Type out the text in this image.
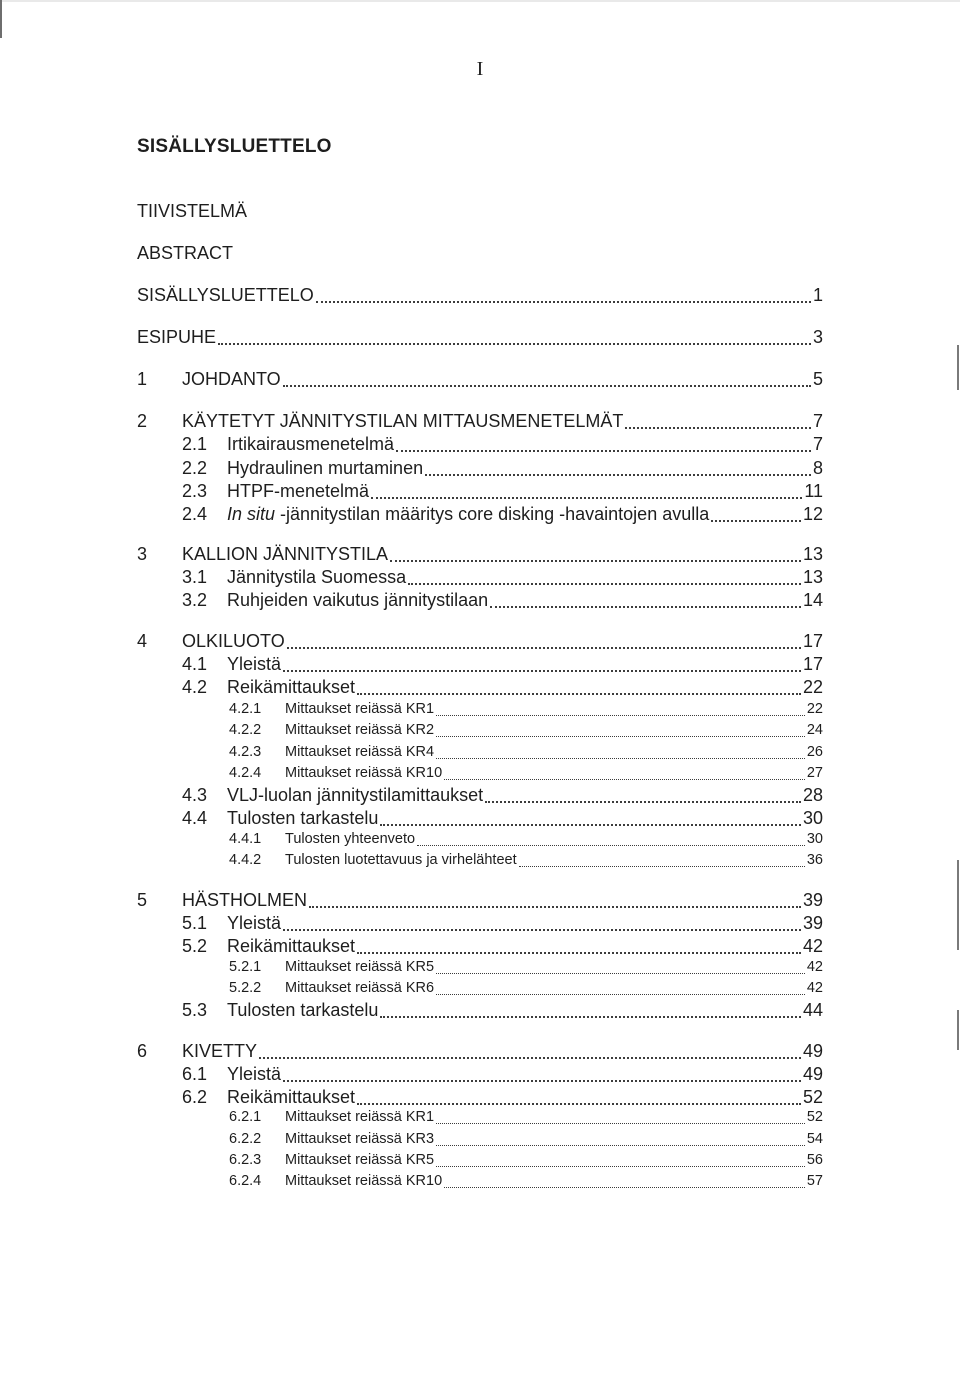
I
SISÄLLYSLUETTELO
TIIVISTELMÄ
ABSTRACT
SISÄLLYSLUETTELO	1
ESIPUHE	3
1	JOHDANTO	5
2	KÄYTETYT JÄNNITYSTILAN MITTAUSMENETELMÄT	7
2.1	Irtikairausmenetelmä	7
2.2	Hydraulinen murtaminen	8
2.3	HTPF-menetelmä	11
2.4	In situ -jännitystilan määritys core disking -havaintojen avulla	12
3	KALLION JÄNNITYSTILA	13
3.1	Jännitystila Suomessa	13
3.2	Ruhjeiden vaikutus jännitystilaan	14
4	OLKILUOTO	17
4.1	Yleistä	17
4.2	Reikämittaukset	22
4.2.1	Mittaukset reiässä KR1	22
4.2.2	Mittaukset reiässä KR2	24
4.2.3	Mittaukset reiässä KR4	26
4.2.4	Mittaukset reiässä KR10	27
4.3	VLJ-luolan jännitystilamittaukset	28
4.4	Tulosten tarkastelu	30
4.4.1	Tulosten yhteenveto	30
4.4.2	Tulosten luotettavuus ja virhelähteet	36
5	HÄSTHOLMEN	39
5.1	Yleistä	39
5.2	Reikämittaukset	42
5.2.1	Mittaukset reiässä KR5	42
5.2.2	Mittaukset reiässä KR6	42
5.3	Tulosten tarkastelu	44
6	KIVETTY	49
6.1	Yleistä	49
6.2	Reikämittaukset	52
6.2.1	Mittaukset reiässä KR1	52
6.2.2	Mittaukset reiässä KR3	54
6.2.3	Mittaukset reiässä KR5	56
6.2.4	Mittaukset reiässä KR10	57
